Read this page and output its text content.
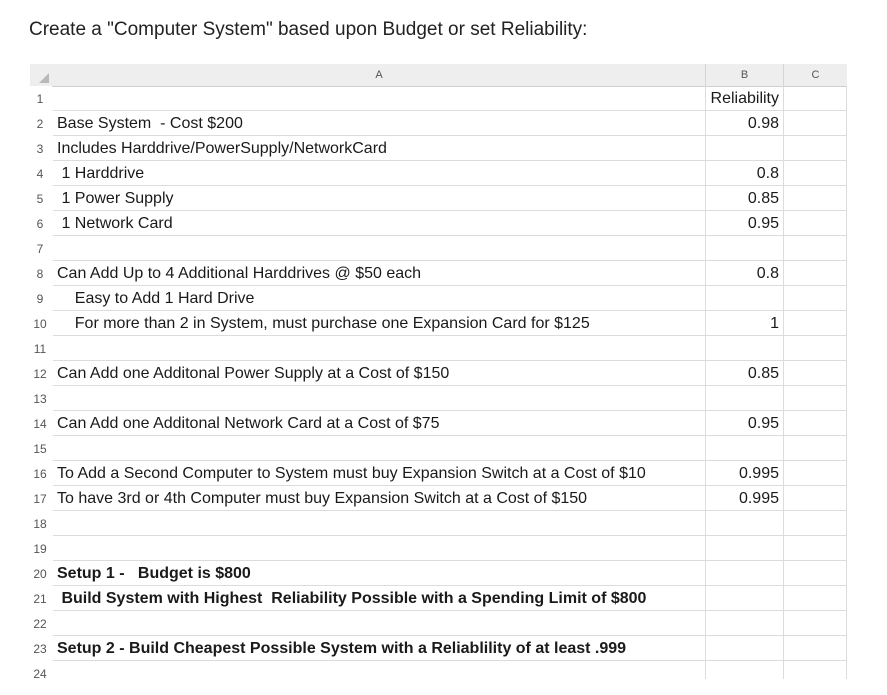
Create a "Computer System" based upon Budget or set Reliability:
A	B	C
1	Reliability
2 Base System  - Cost $200	0.98
3 Includes Harddrive/PowerSupply/NetworkCard
4 1 Harddrive	0.8
5 1 Power Supply	0.85
6 1 Network Card	0.95
7
8 Can Add Up to 4 Additional Harddrives @ $50 each	0.8
9 Easy to Add 1 Hard Drive
10 For more than 2 in System, must purchase one Expansion Card for $125	1
11
12 Can Add one Additonal Power Supply at a Cost of $150	0.85
13
14 Can Add one Additonal Network Card at a Cost of $75	0.95
15
16 To Add a Second Computer to System must buy Expansion Switch at a Cost of $10	0.995
17 To have 3rd or 4th Computer must buy Expansion Switch at a Cost of $150	0.995
18
19
20 Setup 1 -   Budget is $800
21 Build System with Highest  Reliability Possible with a Spending Limit of $800
22
23 Setup 2 - Build Cheapest Possible System with a Reliablility of at least .999
24
